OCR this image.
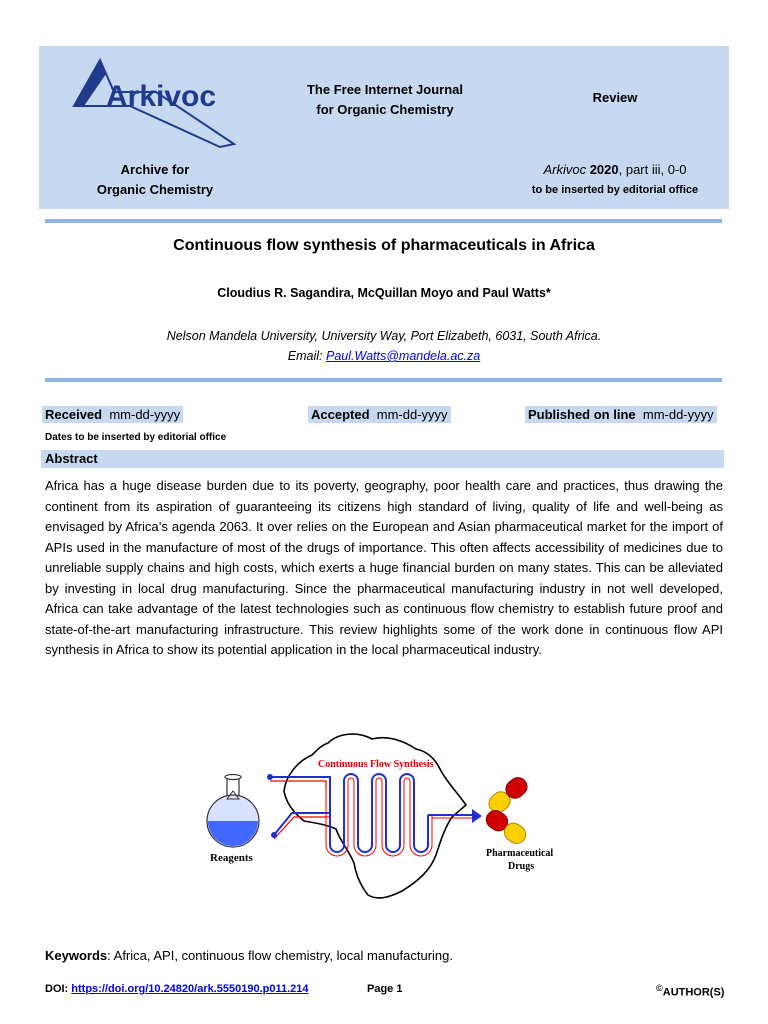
Arkivoc	The Free Internet Journal
for Organic Chemistry
Review
Archive for
Organic Chemistry
Arkivoc 2020, part iii, 0-0
to be inserted by editorial office
Continuous flow synthesis of pharmaceuticals in Africa
Cloudius R. Sagandira, McQuillan Moyo and Paul Watts*
Nelson Mandela University, University Way, Port Elizabeth, 6031, South Africa.
Email: Paul.Watts@mandela.ac.za
Received mm-dd-yyyy	Accepted mm-dd-yyyy	Published on line mm-dd-yyyy
Dates to be inserted by editorial office
Abstract
Africa has a huge disease burden due to its poverty, geography, poor health care and practices, thus drawing the continent from its aspiration of guaranteeing its citizens high standard of living, quality of life and well-being as envisaged by Africa’s agenda 2063. It over relies on the European and Asian pharmaceutical market for the import of APIs used in the manufacture of most of the drugs of importance. This often affects accessibility of medicines due to unreliable supply chains and high costs, which exerts a huge financial burden on many states. This can be alleviated by investing in local drug manufacturing. Since the pharmaceutical manufacturing industry in not well developed, Africa can take advantage of the latest technologies such as continuous flow chemistry to establish future proof and state-of-the-art manufacturing infrastructure. This review highlights some of the work done in continuous flow API synthesis in Africa to show its potential application in the local pharmaceutical industry.
Reagents
Continuous Flow Synthesis
Pharmaceutical
Drugs
Keywords: Africa, API, continuous flow chemistry, local manufacturing.
DOI: https://doi.org/10.24820/ark.5550190.p011.214	Page 1	©AUTHOR(S)
